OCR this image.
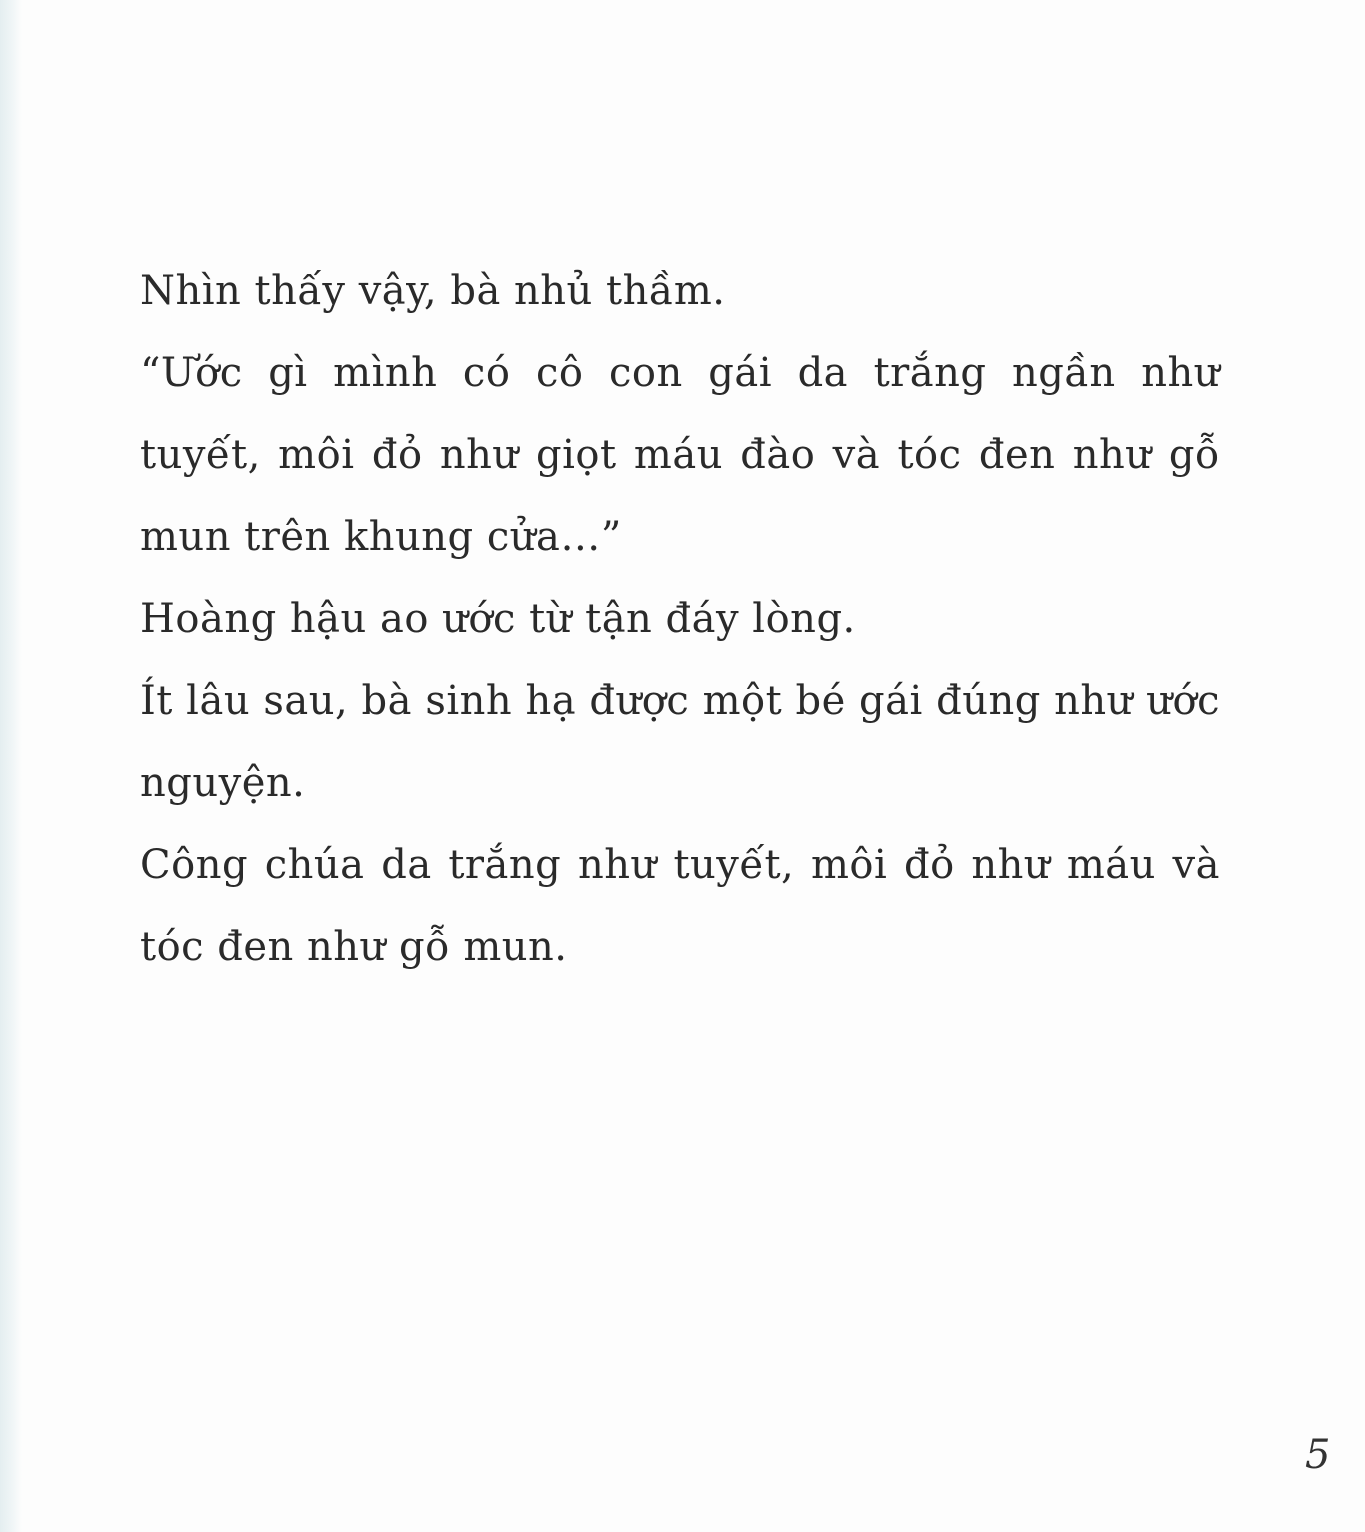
Nhìn thấy vậy, bà nhủ thầm.

“Ước gì mình có cô con gái da trắng ngần như tuyết, môi đỏ như giọt máu đào và tóc đen như gỗ mun trên khung cửa…”

Hoàng hậu ao ước từ tận đáy lòng.

Ít lâu sau, bà sinh hạ được một bé gái đúng như ước nguyện.

Công chúa da trắng như tuyết, môi đỏ như máu và tóc đen như gỗ mun.

5
